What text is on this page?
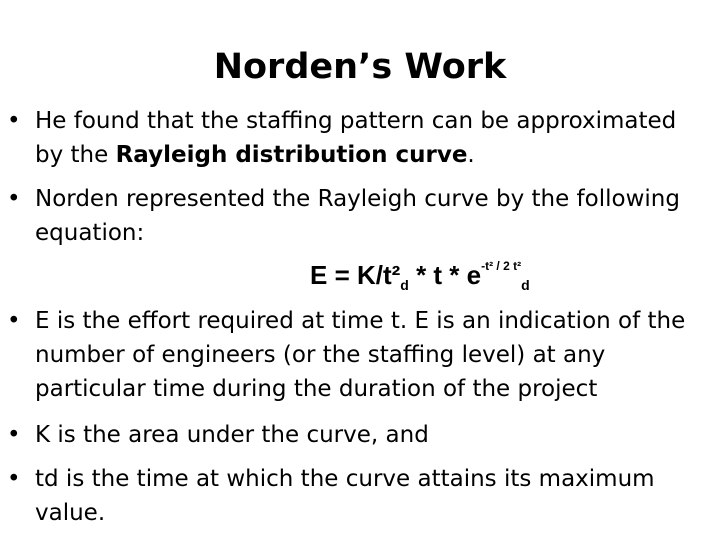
Norden’s Work
• He found that the staffing pattern can be approximated by the Rayleigh distribution curve.
• Norden represented the Rayleigh curve by the following equation:
$E = K/t^2_d * t * e^{-t^2 / 2 t^2}_d$
• E is the effort required at time t. E is an indication of the number of engineers (or the staffing level) at any particular time during the duration of the project
• K is the area under the curve, and
• td is the time at which the curve attains its maximum value.
